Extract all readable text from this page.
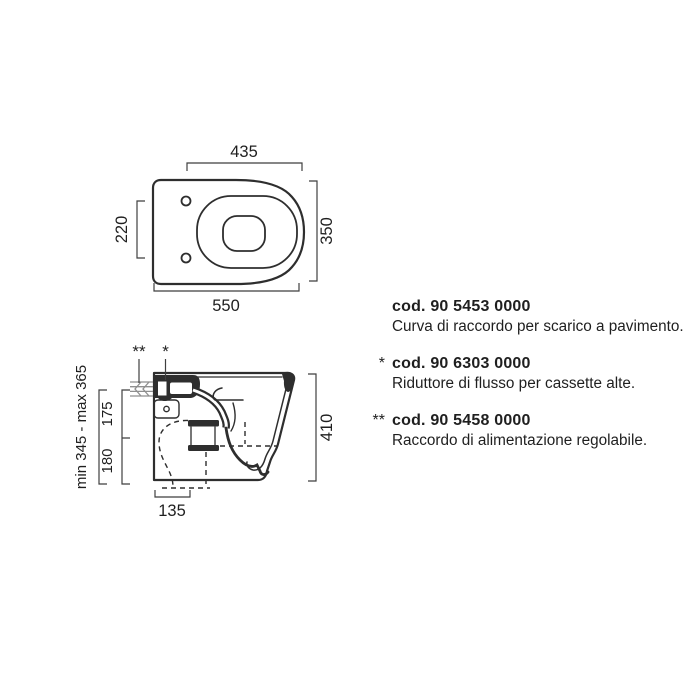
435
220	350
550
** *
min 345 - max 365 175
180
410
135
cod. 90 5453 0000
Curva di raccordo per scarico a pavimento.
* cod. 90 6303 0000
Riduttore di flusso per cassette alte.
** cod. 90 5458 0000
Raccordo di alimentazione regolabile.
